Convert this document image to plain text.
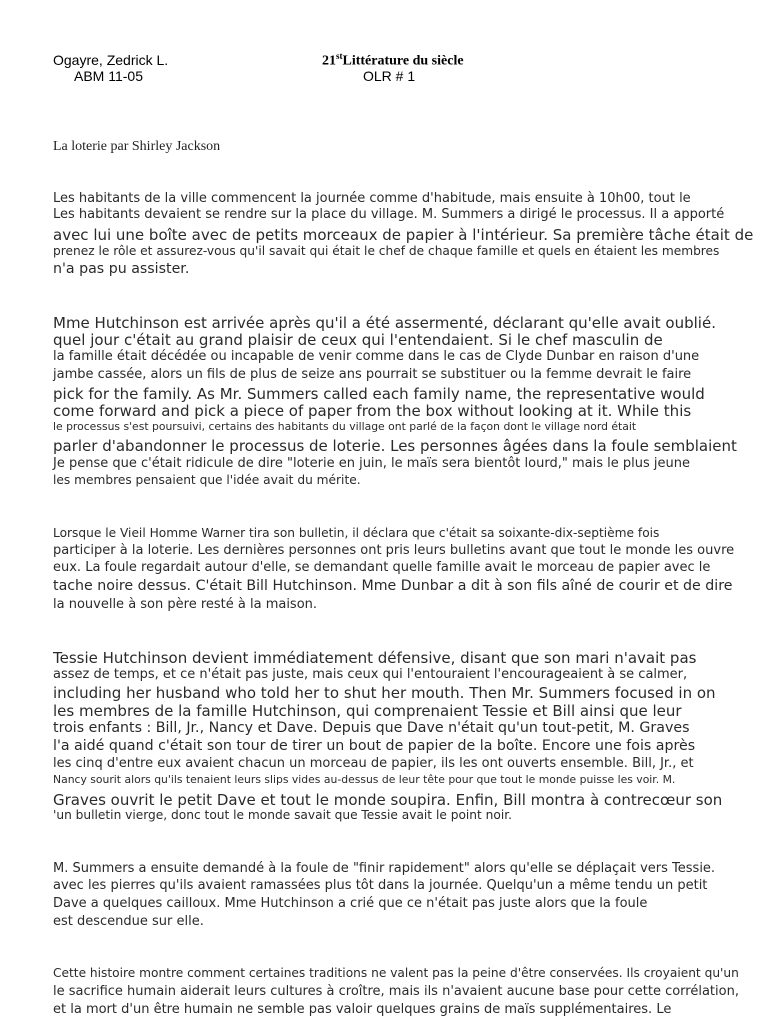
Ogayre, Zedrick L.
ABM 11-05
21stLittérature du siècle
OLR # 1
La loterie par Shirley Jackson
Les habitants de la ville commencent la journée comme d'habitude, mais ensuite à 10h00, tout le
Les habitants devaient se rendre sur la place du village. M. Summers a dirigé le processus. Il a apporté
avec lui une boîte avec de petits morceaux de papier à l'intérieur. Sa première tâche était de
prenez le rôle et assurez-vous qu'il savait qui était le chef de chaque famille et quels en étaient les membres
n'a pas pu assister.
Mme Hutchinson est arrivée après qu'il a été assermenté, déclarant qu'elle avait oublié.
quel jour c'était au grand plaisir de ceux qui l'entendaient. Si le chef masculin de
la famille était décédée ou incapable de venir comme dans le cas de Clyde Dunbar en raison d'une
jambe cassée, alors un fils de plus de seize ans pourrait se substituer ou la femme devrait le faire
pick for the family. As Mr. Summers called each family name, the representative would
come forward and pick a piece of paper from the box without looking at it. While this
le processus s'est poursuivi, certains des habitants du village ont parlé de la façon dont le village nord était
parler d'abandonner le processus de loterie. Les personnes âgées dans la foule semblaient
Je pense que c'était ridicule de dire "loterie en juin, le maïs sera bientôt lourd," mais le plus jeune
les membres pensaient que l'idée avait du mérite.
Lorsque le Vieil Homme Warner tira son bulletin, il déclara que c'était sa soixante-dix-septième fois
participer à la loterie. Les dernières personnes ont pris leurs bulletins avant que tout le monde les ouvre
eux. La foule regardait autour d'elle, se demandant quelle famille avait le morceau de papier avec le
tache noire dessus. C'était Bill Hutchinson. Mme Dunbar a dit à son fils aîné de courir et de dire
la nouvelle à son père resté à la maison.
Tessie Hutchinson devient immédiatement défensive, disant que son mari n'avait pas
assez de temps, et ce n'était pas juste, mais ceux qui l'entouraient l'encourageaient à se calmer,
including her husband who told her to shut her mouth. Then Mr. Summers focused in on
les membres de la famille Hutchinson, qui comprenaient Tessie et Bill ainsi que leur
trois enfants : Bill, Jr., Nancy et Dave. Depuis que Dave n'était qu'un tout-petit, M. Graves
l'a aidé quand c'était son tour de tirer un bout de papier de la boîte. Encore une fois après
les cinq d'entre eux avaient chacun un morceau de papier, ils les ont ouverts ensemble. Bill, Jr., et
Nancy sourit alors qu'ils tenaient leurs slips vides au-dessus de leur tête pour que tout le monde puisse les voir. M.
Graves ouvrit le petit Dave et tout le monde soupira. Enfin, Bill montra à contrecœur son
'un bulletin vierge, donc tout le monde savait que Tessie avait le point noir.
M. Summers a ensuite demandé à la foule de "finir rapidement" alors qu'elle se déplaçait vers Tessie.
avec les pierres qu'ils avaient ramassées plus tôt dans la journée. Quelqu'un a même tendu un petit
Dave a quelques cailloux. Mme Hutchinson a crié que ce n'était pas juste alors que la foule
est descendue sur elle.
Cette histoire montre comment certaines traditions ne valent pas la peine d'être conservées. Ils croyaient qu'un
le sacrifice humain aiderait leurs cultures à croître, mais ils n'avaient aucune base pour cette corrélation,
et la mort d'un être humain ne semble pas valoir quelques grains de maïs supplémentaires. Le
